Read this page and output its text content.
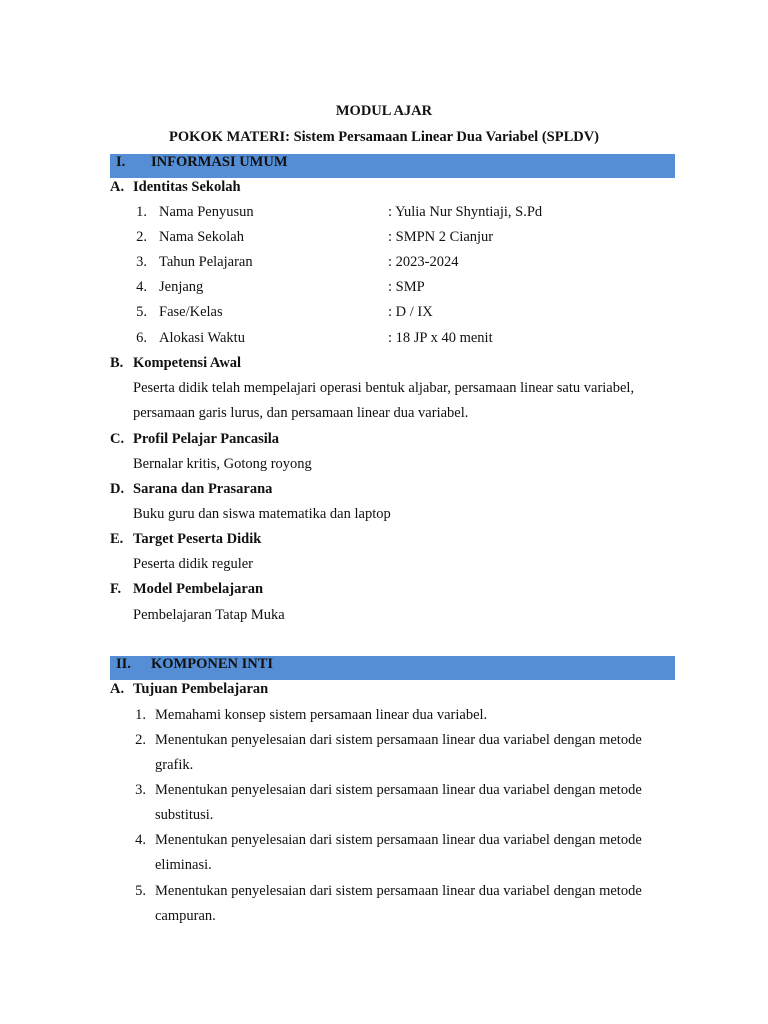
MODUL AJAR
POKOK MATERI: Sistem Persamaan Linear Dua Variabel (SPLDV)
I. INFORMASI UMUM
A. Identitas Sekolah
1. Nama Penyusun	: Yulia Nur Shyntiaji, S.Pd
2. Nama Sekolah	: SMPN 2 Cianjur
3. Tahun Pelajaran	: 2023-2024
4. Jenjang	: SMP
5. Fase/Kelas	: D / IX
6. Alokasi Waktu	: 18 JP x 40 menit
B. Kompetensi Awal
Peserta didik telah mempelajari operasi bentuk aljabar, persamaan linear satu variabel,
persamaan garis lurus, dan persamaan linear dua variabel.
C. Profil Pelajar Pancasila
Bernalar kritis, Gotong royong
D. Sarana dan Prasarana
Buku guru dan siswa matematika dan laptop
E. Target Peserta Didik
Peserta didik reguler
F. Model Pembelajaran
Pembelajaran Tatap Muka
II. KOMPONEN INTI
A. Tujuan Pembelajaran
1. Memahami konsep sistem persamaan linear dua variabel.
2. Menentukan penyelesaian dari sistem persamaan linear dua variabel dengan metode
grafik.
3. Menentukan penyelesaian dari sistem persamaan linear dua variabel dengan metode
substitusi.
4. Menentukan penyelesaian dari sistem persamaan linear dua variabel dengan metode
eliminasi.
5. Menentukan penyelesaian dari sistem persamaan linear dua variabel dengan metode
campuran.
